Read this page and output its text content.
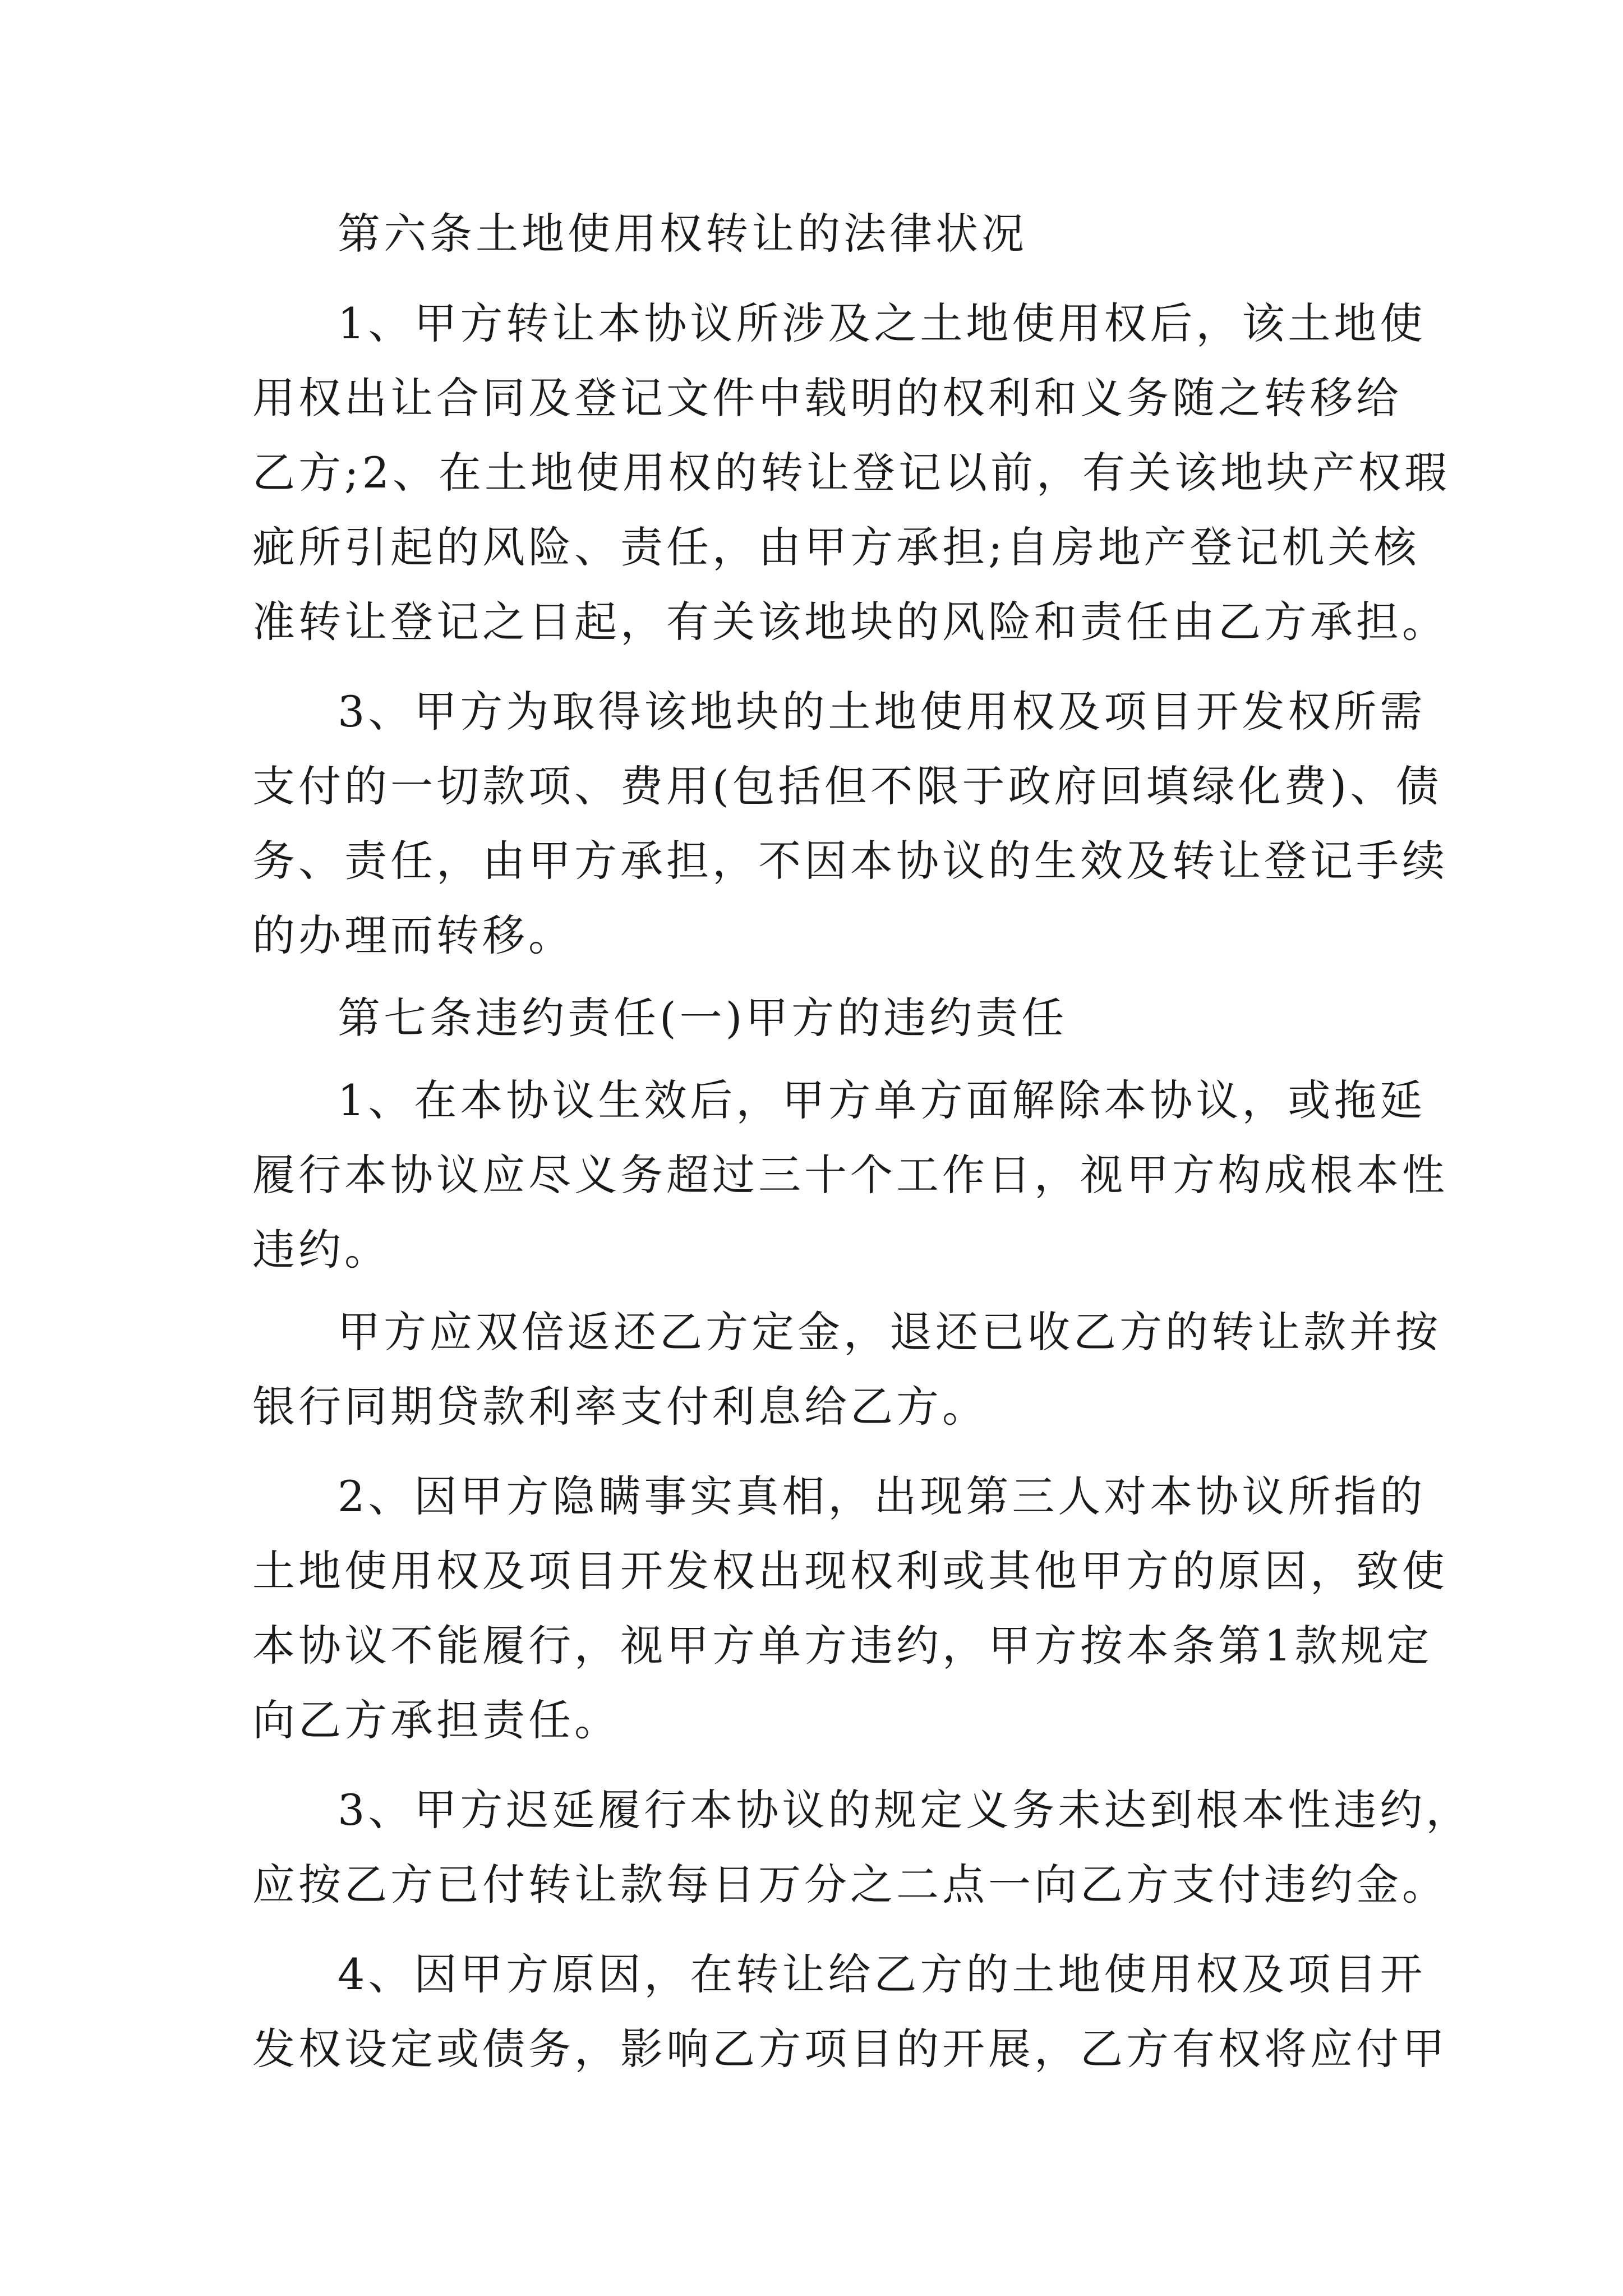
第六条土地使用权转让的法律状况
1、甲方转让本协议所涉及之土地使用权后，该土地使
用权出让合同及登记文件中载明的权利和义务随之转移给
乙方;2、在土地使用权的转让登记以前，有关该地块产权瑕
疵所引起的风险、责任，由甲方承担;自房地产登记机关核
准转让登记之日起，有关该地块的风险和责任由乙方承担。
3、甲方为取得该地块的土地使用权及项目开发权所需
支付的一切款项、费用(包括但不限于政府回填绿化费)、债
务、责任，由甲方承担，不因本协议的生效及转让登记手续
的办理而转移。
第七条违约责任(一)甲方的违约责任
1、在本协议生效后，甲方单方面解除本协议，或拖延
履行本协议应尽义务超过三十个工作日，视甲方构成根本性
违约。
甲方应双倍返还乙方定金，退还已收乙方的转让款并按
银行同期贷款利率支付利息给乙方。
2、因甲方隐瞒事实真相，出现第三人对本协议所指的
土地使用权及项目开发权出现权利或其他甲方的原因，致使
本协议不能履行，视甲方单方违约，甲方按本条第1款规定
向乙方承担责任。
3、甲方迟延履行本协议的规定义务未达到根本性违约，
应按乙方已付转让款每日万分之二点一向乙方支付违约金。
4、因甲方原因，在转让给乙方的土地使用权及项目开
发权设定或债务，影响乙方项目的开展，乙方有权将应付甲
